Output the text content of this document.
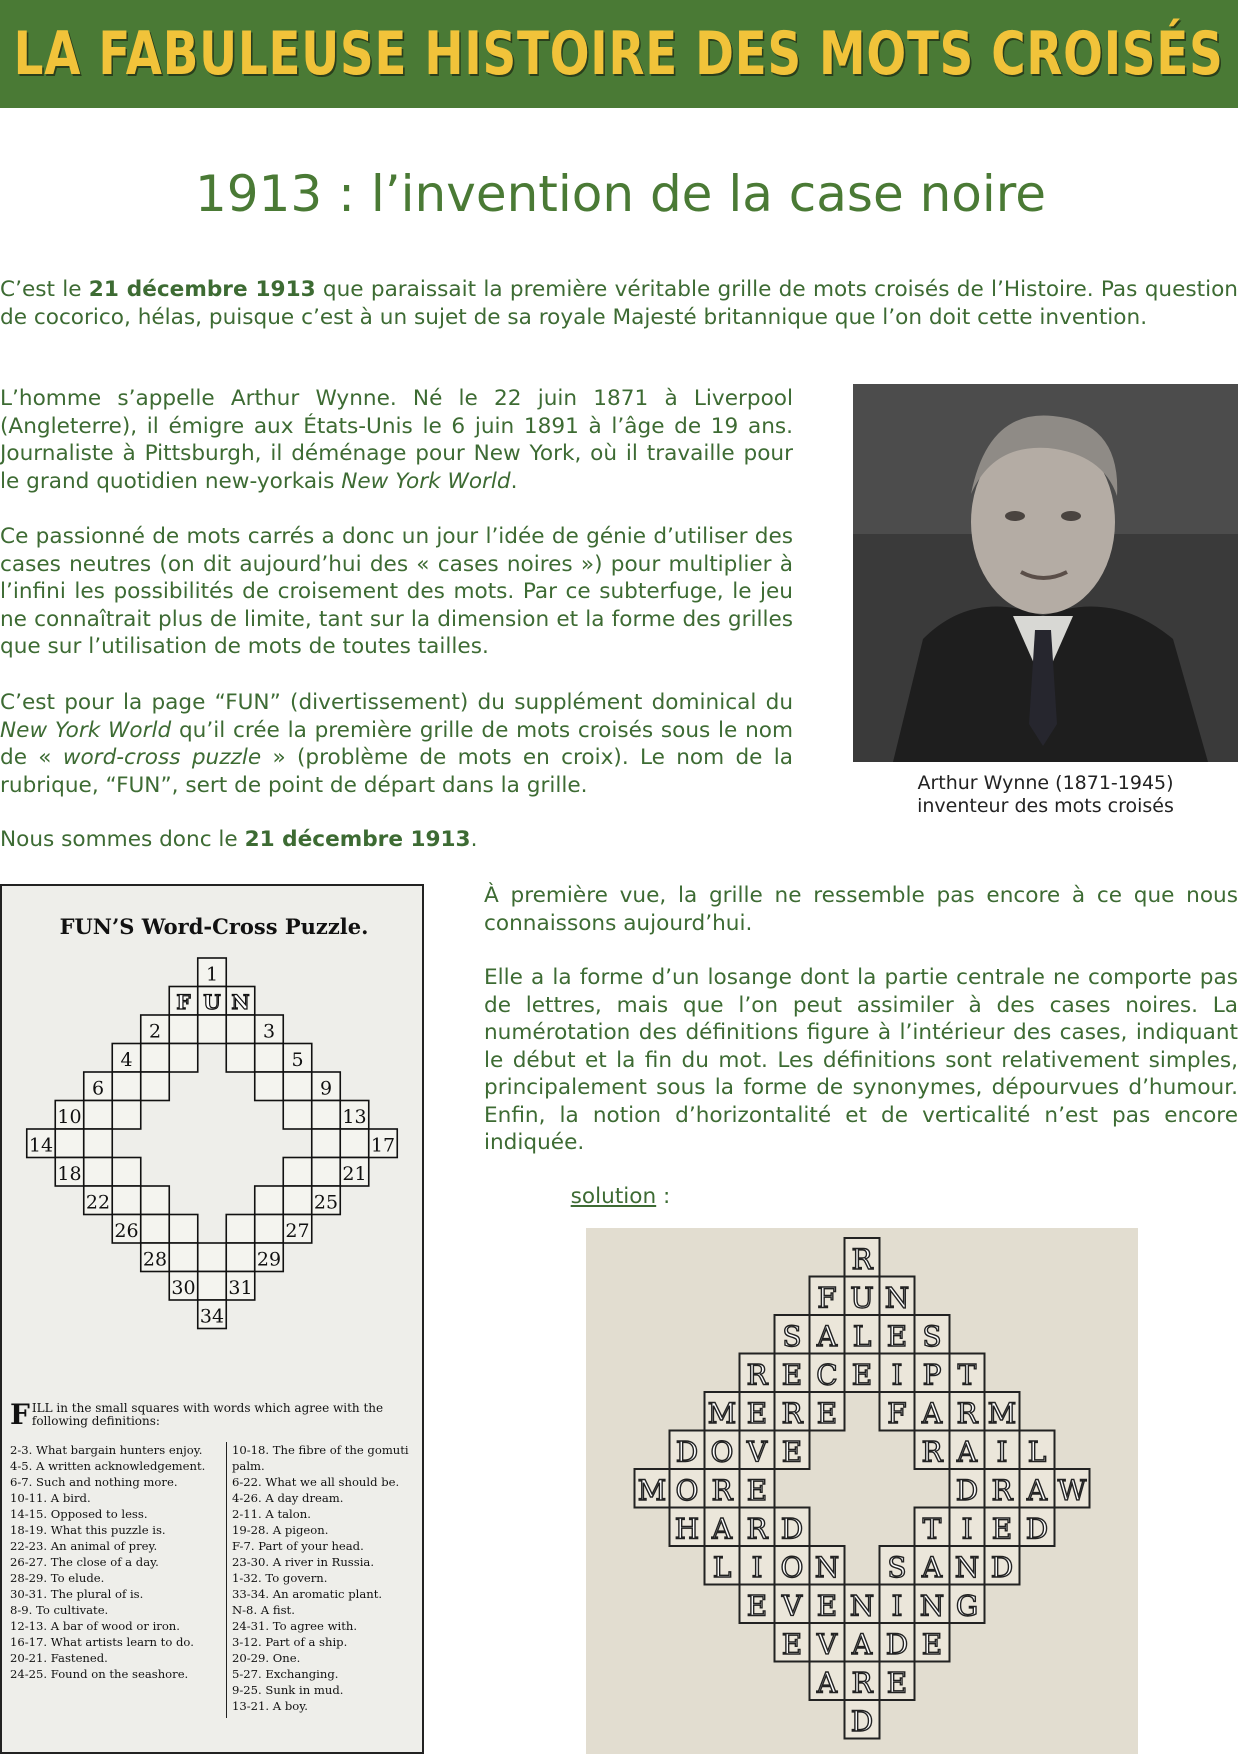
LA FABULEUSE HISTOIRE DES MOTS CROISÉS
1913 : l’invention de la case noire

C’est le 21 décembre 1913 que paraissait la première véritable grille de mots croisés de l’Histoire. Pas question de cocorico, hélas, puisque c’est à un sujet de sa royale Majesté britannique que l’on doit cette invention.

L’homme s’appelle Arthur Wynne. Né le 22 juin 1871 à Liverpool (Angleterre), il émigre aux États-Unis le 6 juin 1891 à l’âge de 19 ans. Journaliste à Pittsburgh, il déménage pour New York, où il travaille pour le grand quotidien new-yorkais New York World.

Ce passionné de mots carrés a donc un jour l’idée de génie d’utiliser des cases neutres (on dit aujourd’hui des « cases noires ») pour multiplier à l’infini les possibilités de croisement des mots. Par ce subterfuge, le jeu ne connaîtrait plus de limite, tant sur la dimension et la forme des grilles que sur l’utilisation de mots de toutes tailles.

C’est pour la page “FUN” (divertissement) du supplément dominical du New York World qu’il crée la première grille de mots croisés sous le nom de « word-cross puzzle » (problème de mots en croix). Le nom de la rubrique, “FUN”, sert de point de départ dans la grille.

Nous sommes donc le 21 décembre 1913.

Arthur Wynne (1871-1945)
inventeur des mots croisés
FUN’S Word-Cross Puzzle.
1
2	3
4	5
6	9
10	13
14	17
18	21
22	25
26	27
28	29
30 31
34
F U N
FILL in the small squares with words which agree with the following definitions:
2-3. What bargain hunters enjoy.
4-5. A written acknowledgement.
6-7. Such and nothing more.
10-11. A bird.
14-15. Opposed to less.
18-19. What this puzzle is.
22-23. An animal of prey.
26-27. The close of a day.
28-29. To elude.
30-31. The plural of is.
8-9. To cultivate.
12-13. A bar of wood or iron.
16-17. What artists learn to do.
20-21. Fastened.
24-25. Found on the seashore.
10-18. The fibre of the gomuti palm.
6-22. What we all should be.
4-26. A day dream.
2-11. A talon.
19-28. A pigeon.
F-7. Part of your head.
23-30. A river in Russia.
1-32. To govern.
33-34. An aromatic plant.
N-8. A fist.
24-31. To agree with.
3-12. Part of a ship.
20-29. One.
5-27. Exchanging.
9-25. Sunk in mud.
13-21. A boy.

À première vue, la grille ne ressemble pas encore à ce que nous connaissons aujourd’hui.

Elle a la forme d’un losange dont la partie centrale ne comporte pas de lettres, mais que l’on peut assimiler à des cases noires. La numérotation des définitions figure à l’intérieur des cases, indiquant le début et la fin du mot. Les définitions sont relativement simples, principalement sous la forme de synonymes, dépourvues d’humour. Enfin, la notion d’horizontalité et de verticalité n’est pas encore indiquée.

solution :
R
F U N
S A L E S
R E C E I P T
M E R E F A R M
D O V E	R A I L
M O R E	D R A W
H A R D	T I E D
L I O N S A N D
E V E N I N G
E V A D E
A R E
D
